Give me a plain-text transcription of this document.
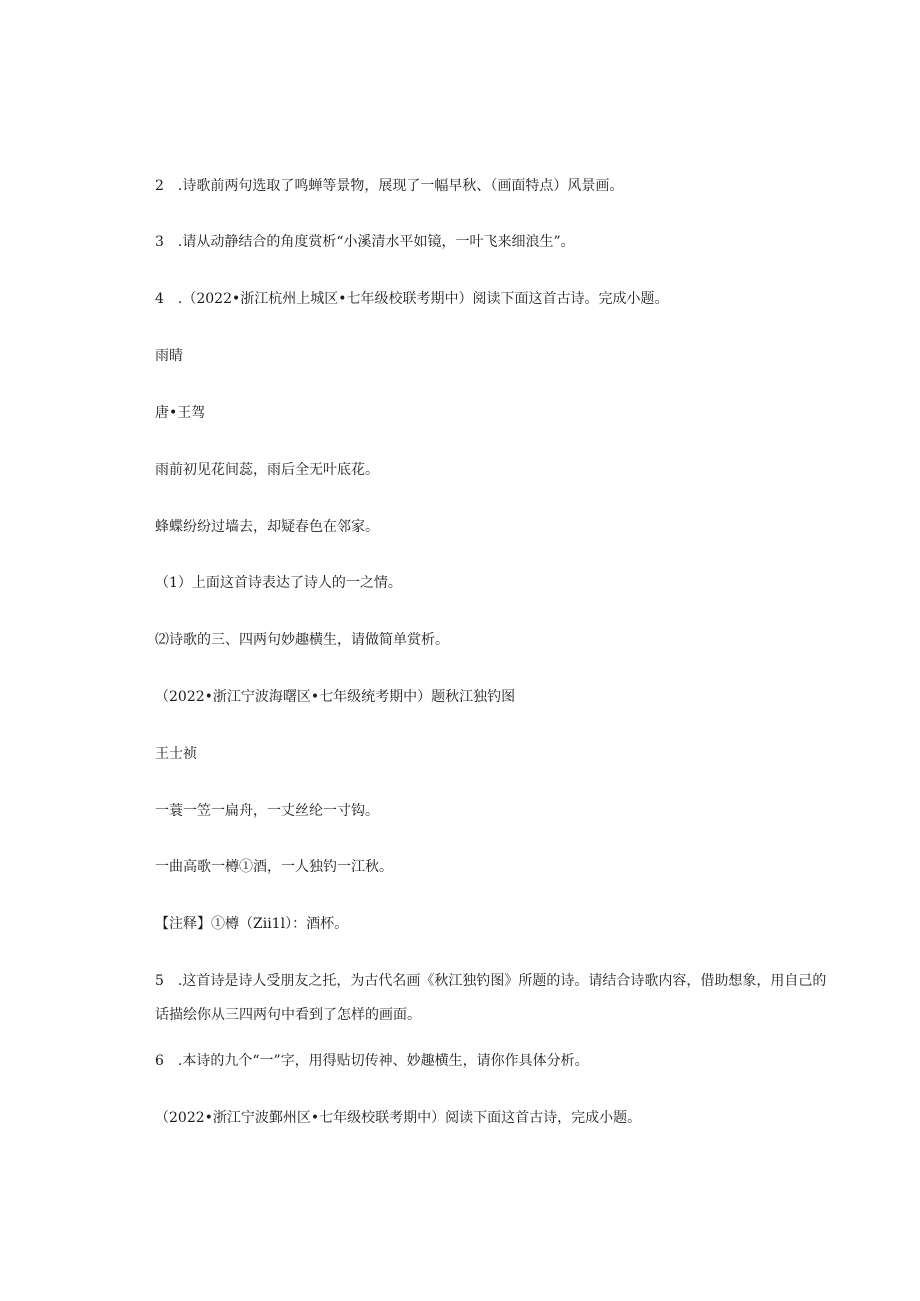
2　.诗歌前两句选取了鸣蝉等景物，展现了一幅早秋、（画面特点）风景画。
3　.请从动静结合的角度赏析“小溪清水平如镜，一叶飞来细浪生”。
4　.（2022•浙江杭州上城区•七年级校联考期中）阅读下面这首古诗。完成小题。
雨睛
唐•王驾
雨前初见花间蕊，雨后全无叶底花。
蜂蝶纷纷过墙去，却疑春色在邻家。
（1）上面这首诗表达了诗人的一之情。
⑵诗歌的三、四两句妙趣横生，请做简单赏析。
（2022•浙江宁波海曙区•七年级统考期中）题秋江独钓图
王士祯
一蓑一笠一扁舟，一丈丝纶一寸钩。
一曲高歌一樽①酒，一人独钓一江秋。
【注释】①樽（Zii1l）：酒杯。
5　.这首诗是诗人受朋友之托，为古代名画《秋江独钓图》所题的诗。请结合诗歌内容，借助想象，用自己的话描绘你从三四两句中看到了怎样的画面。
6　.本诗的九个“一”字，用得贴切传神、妙趣横生，请你作具体分析。
（2022•浙江宁波鄞州区•七年级校联考期中）阅读下面这首古诗，完成小题。
